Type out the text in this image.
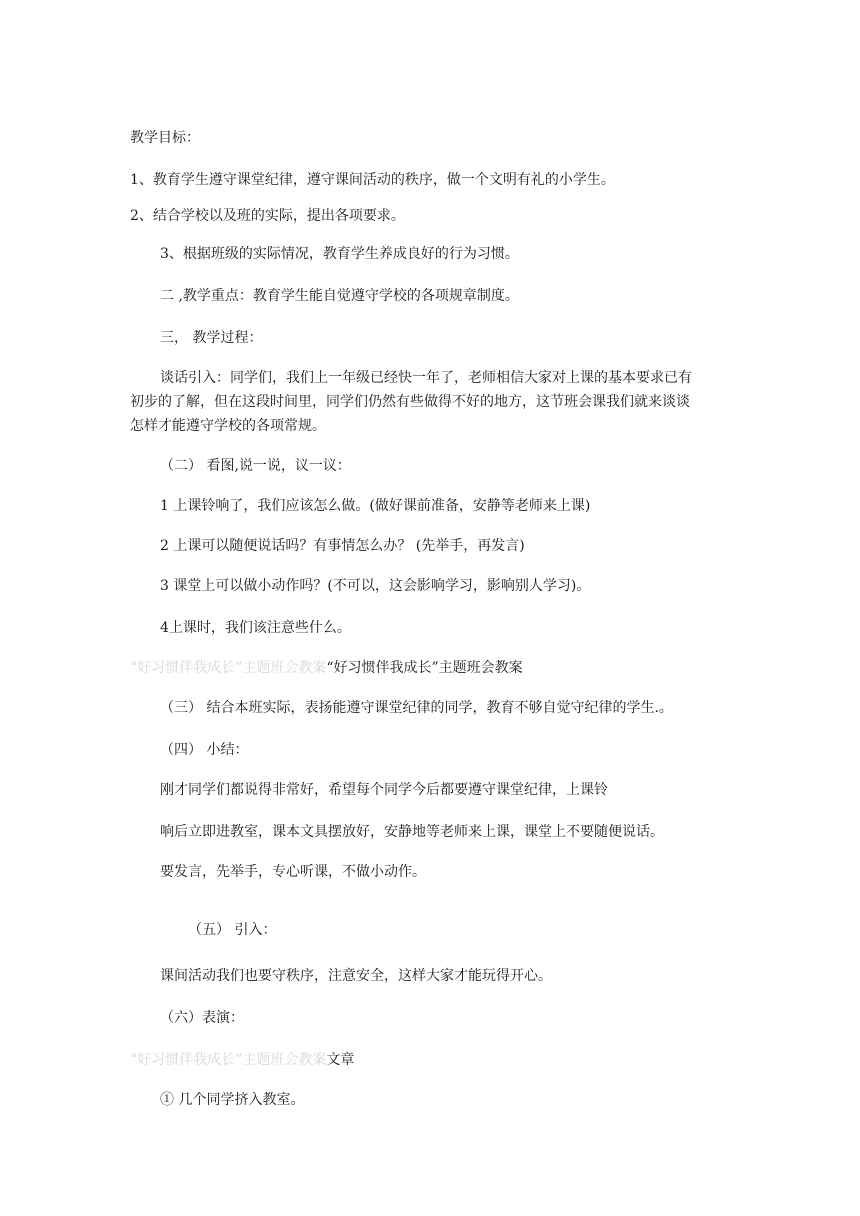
教学目标：

1、教育学生遵守课堂纪律，遵守课间活动的秩序，做一个文明有礼的小学生。

2、结合学校以及班的实际，提出各项要求。

3、根据班级的实际情况，教育学生养成良好的行为习惯。

二 ,教学重点：教育学生能自觉遵守学校的各项规章制度。

三， 教学过程：

谈话引入：同学们，我们上一年级已经快一年了，老师相信大家对上课的基本要求已有

初步的了解，但在这段时间里，同学们仍然有些做得不好的地方，这节班会课我们就来谈谈

怎样才能遵守学校的各项常规。

（二） 看图,说一说，议一议：

1 上课铃响了，我们应该怎么做。(做好课前准备，安静等老师来上课)

2 上课可以随便说话吗？有事情怎么办？ (先举手，再发言)

3 课堂上可以做小动作吗？(不可以，这会影响学习，影响别人学习)。

4上课时，我们该注意些什么。

“好习惯伴我成长”主题班会教案“好习惯伴我成长”主题班会教案

（三） 结合本班实际，表扬能遵守课堂纪律的同学，教育不够自觉守纪律的学生.。

（四） 小结：

刚才同学们都说得非常好，希望每个同学今后都要遵守课堂纪律，上课铃

响后立即进教室，课本文具摆放好，安静地等老师来上课，课堂上不要随便说话。

要发言，先举手，专心听课，不做小动作。

（五） 引入：

课间活动我们也要守秩序，注意安全，这样大家才能玩得开心。

（六）表演：

“好习惯伴我成长”主题班会教案文章

① 几个同学挤入教室。
